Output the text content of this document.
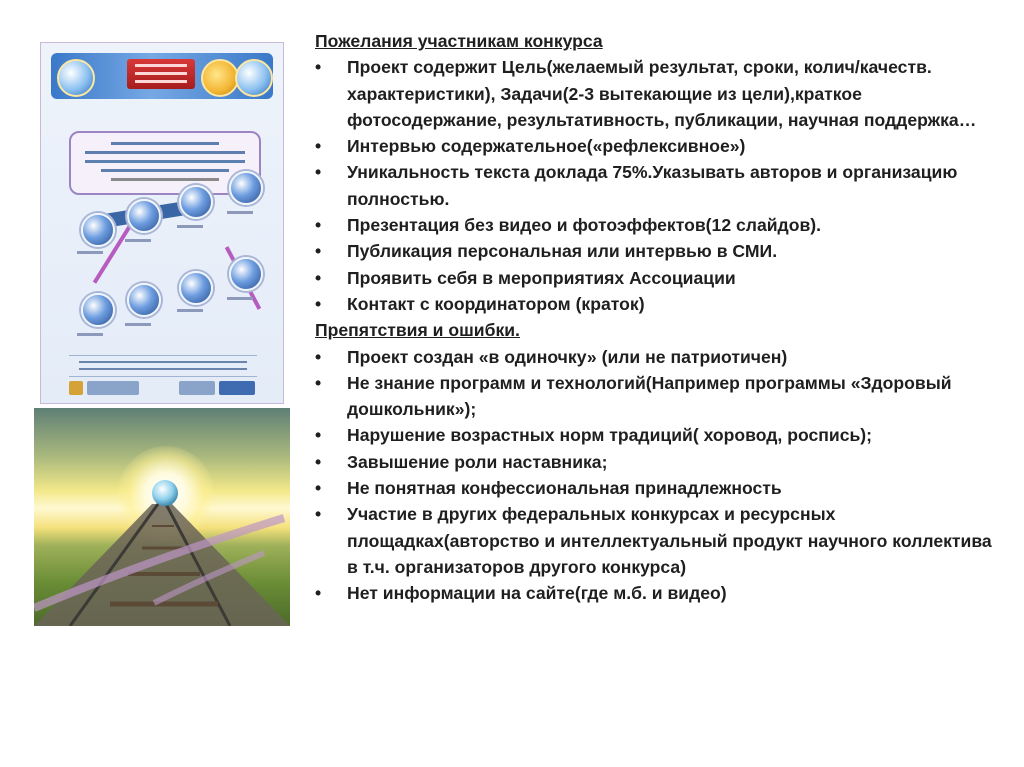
Пожелания участникам конкурса
• Проект содержит Цель(желаемый результат, сроки, колич/качеств. характеристики), Задачи(2-3 вытекающие из цели),краткое фотосодержание, результативность, публикации, научная поддержка…
• Интервью содержательное(«рефлексивное»)
• Уникальность текста доклада 75%.Указывать авторов и организацию полностью.
• Презентация без видео и фотоэффектов(12 слайдов).
• Публикация персональная или интервью в СМИ.
• Проявить себя в мероприятиях Ассоциации
• Контакт с координатором (краток)
Препятствия и ошибки.
• Проект создан «в одиночку» (или не патриотичен)
• Не знание программ и технологий(Например программы «Здоровый дошкольник»);
• Нарушение возрастных норм традиций( хоровод, роспись);
• Завышение роли наставника;
• Не понятная конфессиональная принадлежность
• Участие в других федеральных конкурсах и ресурсных площадках(авторство и интеллектуальный продукт научного коллектива в т.ч. организаторов другого конкурса)
• Нет информации на сайте(где м.б. и видео)
